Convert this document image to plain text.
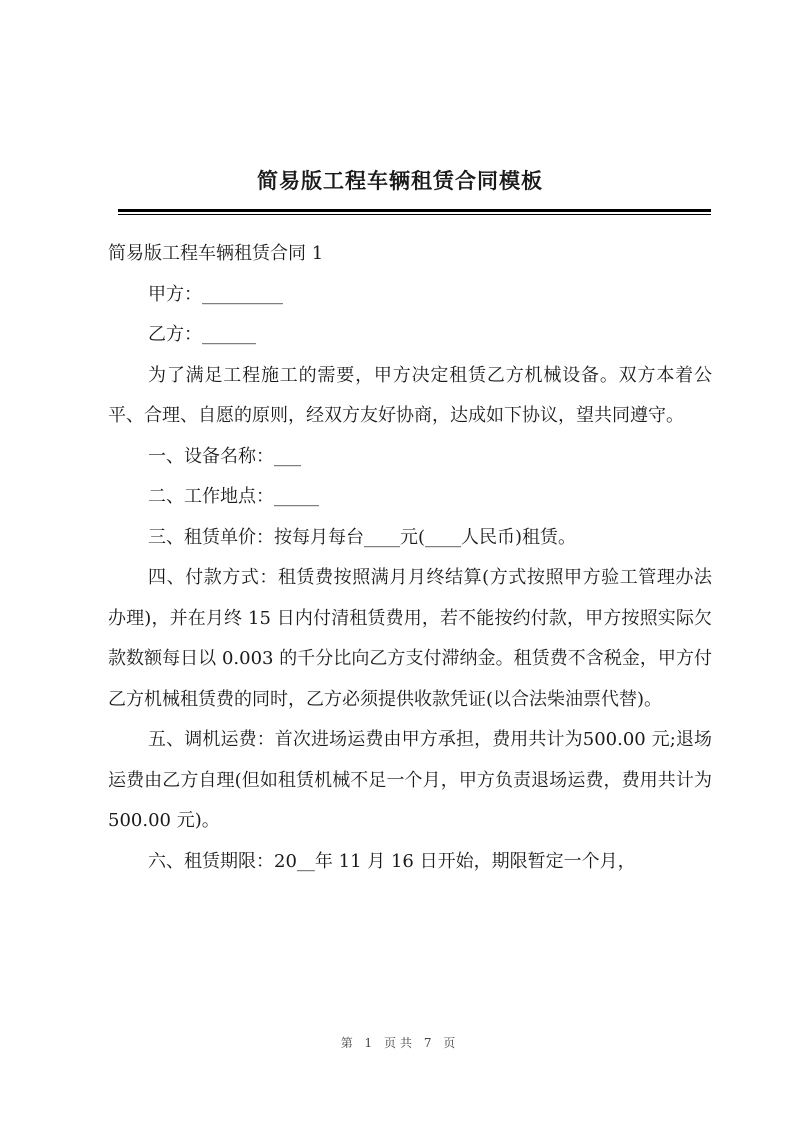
简易版工程车辆租赁合同模板

简易版工程车辆租赁合同 1

甲方：_________

乙方：______

为了满足工程施工的需要，甲方决定租赁乙方机械设备。双方本着公平、合理、自愿的原则，经双方友好协商，达成如下协议，望共同遵守。

一、设备名称：___

二、工作地点：_____

三、租赁单价：按每月每台____元(____人民币)租赁。

四、付款方式：租赁费按照满月月终结算(方式按照甲方验工管理办法办理)，并在月终 15 日内付清租赁费用，若不能按约付款，甲方按照实际欠款数额每日以 0.003 的千分比向乙方支付滞纳金。租赁费不含税金，甲方付乙方机械租赁费的同时，乙方必须提供收款凭证(以合法柴油票代替)。

五、调机运费：首次进场运费由甲方承担，费用共计为500.00 元;退场运费由乙方自理(但如租赁机械不足一个月，甲方负责退场运费，费用共计为 500.00 元)。

六、租赁期限：20__年 11 月 16 日开始，期限暂定一个月，

第 1 页共 7 页
